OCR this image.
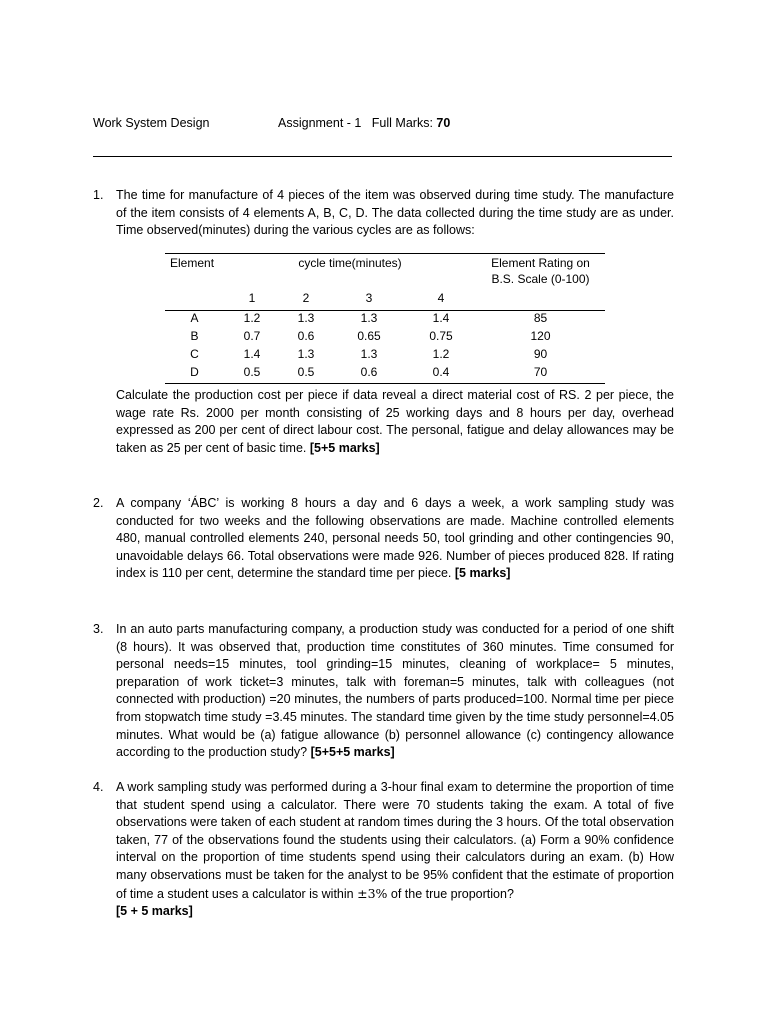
Work System Design	Assignment - 1 Full Marks: 70
1.	The time for manufacture of 4 pieces of the item was observed during time study. The manufacture of the item consists of 4 elements A, B, C, D. The data collected during the time study are as under. Time observed(minutes) during the various cycles are as follows:
Element	cycle time(minutes)				Element Rating on
B.S. Scale (0-100)

	1	2	3	4	
A	1.2	1.3	1.3	1.4	85
B	0.7	0.6	0.65	0.75	120
C	1.4	1.3	1.3	1.2	90
D	0.5	0.5	0.6	0.4	70
Calculate the production cost per piece if data reveal a direct material cost of RS. 2 per piece, the wage rate Rs. 2000 per month consisting of 25 working days and 8 hours per day, overhead expressed as 200 per cent of direct labour cost. The personal, fatigue and delay allowances may be taken as 25 per cent of basic time. [5+5 marks]
2.	A company ‘ÁBC’ is working 8 hours a day and 6 days a week, a work sampling study was conducted for two weeks and the following observations are made. Machine controlled elements 480, manual controlled elements 240, personal needs 50, tool grinding and other contingencies 90, unavoidable delays 66. Total observations were made 926. Number of pieces produced 828. If rating index is 110 per cent, determine the standard time per piece. [5 marks]
3.	In an auto parts manufacturing company, a production study was conducted for a period of one shift (8 hours). It was observed that, production time constitutes of 360 minutes. Time consumed for personal needs=15 minutes, tool grinding=15 minutes, cleaning of workplace= 5 minutes, preparation of work ticket=3 minutes, talk with foreman=5 minutes, talk with colleagues (not connected with production) =20 minutes, the numbers of parts produced=100. Normal time per piece from stopwatch time study =3.45 minutes. The standard time given by the time study personnel=4.05 minutes. What would be (a) fatigue allowance (b) personnel allowance (c) contingency allowance according to the production study? [5+5+5 marks]
4.	A work sampling study was performed during a 3-hour final exam to determine the proportion of time that student spend using a calculator. There were 70 students taking the exam. A total of five observations were taken of each student at random times during the 3 hours. Of the total observation taken, 77 of the observations found the students using their calculators. (a) Form a 90% confidence interval on the proportion of time students spend using their calculators during an exam. (b) How many observations must be taken for the analyst to be 95% confident that the estimate of proportion of time a student uses a calculator is within ±3% of the true proportion?
[5 + 5 marks]
